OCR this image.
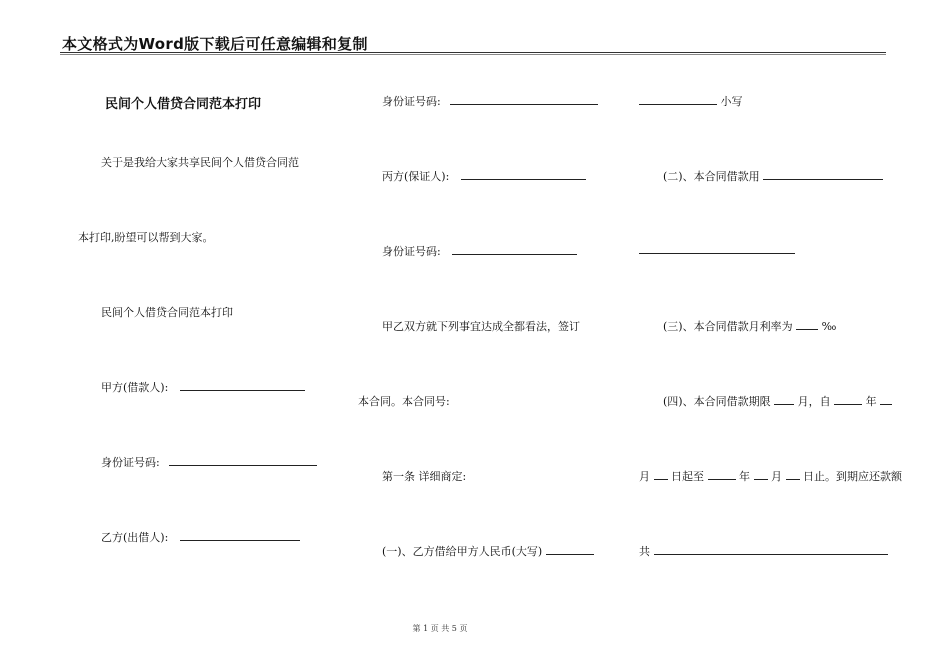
本文格式为Word版下载后可任意编辑和复制
民间个人借贷合同范本打印
关于是我给大家共享民间个人借贷合同范
本打印,盼望可以帮到大家。
民间个人借贷合同范本打印
甲方(借款人):
身份证号码:
乙方(出借人):
身份证号码:
丙方(保证人):
身份证号码:
甲乙双方就下列事宜达成全都看法，签订
本合同。本合同号:
第一条 详细商定:
(一)、乙方借给甲方人民币(大写)
小写
(二)、本合同借款用
(三)、本合同借款月利率为	‰
(四)、本合同借款期限 月，自	年
月 日起至	年 月 日止。到期应还款额
共
第 1 页 共 5 页
